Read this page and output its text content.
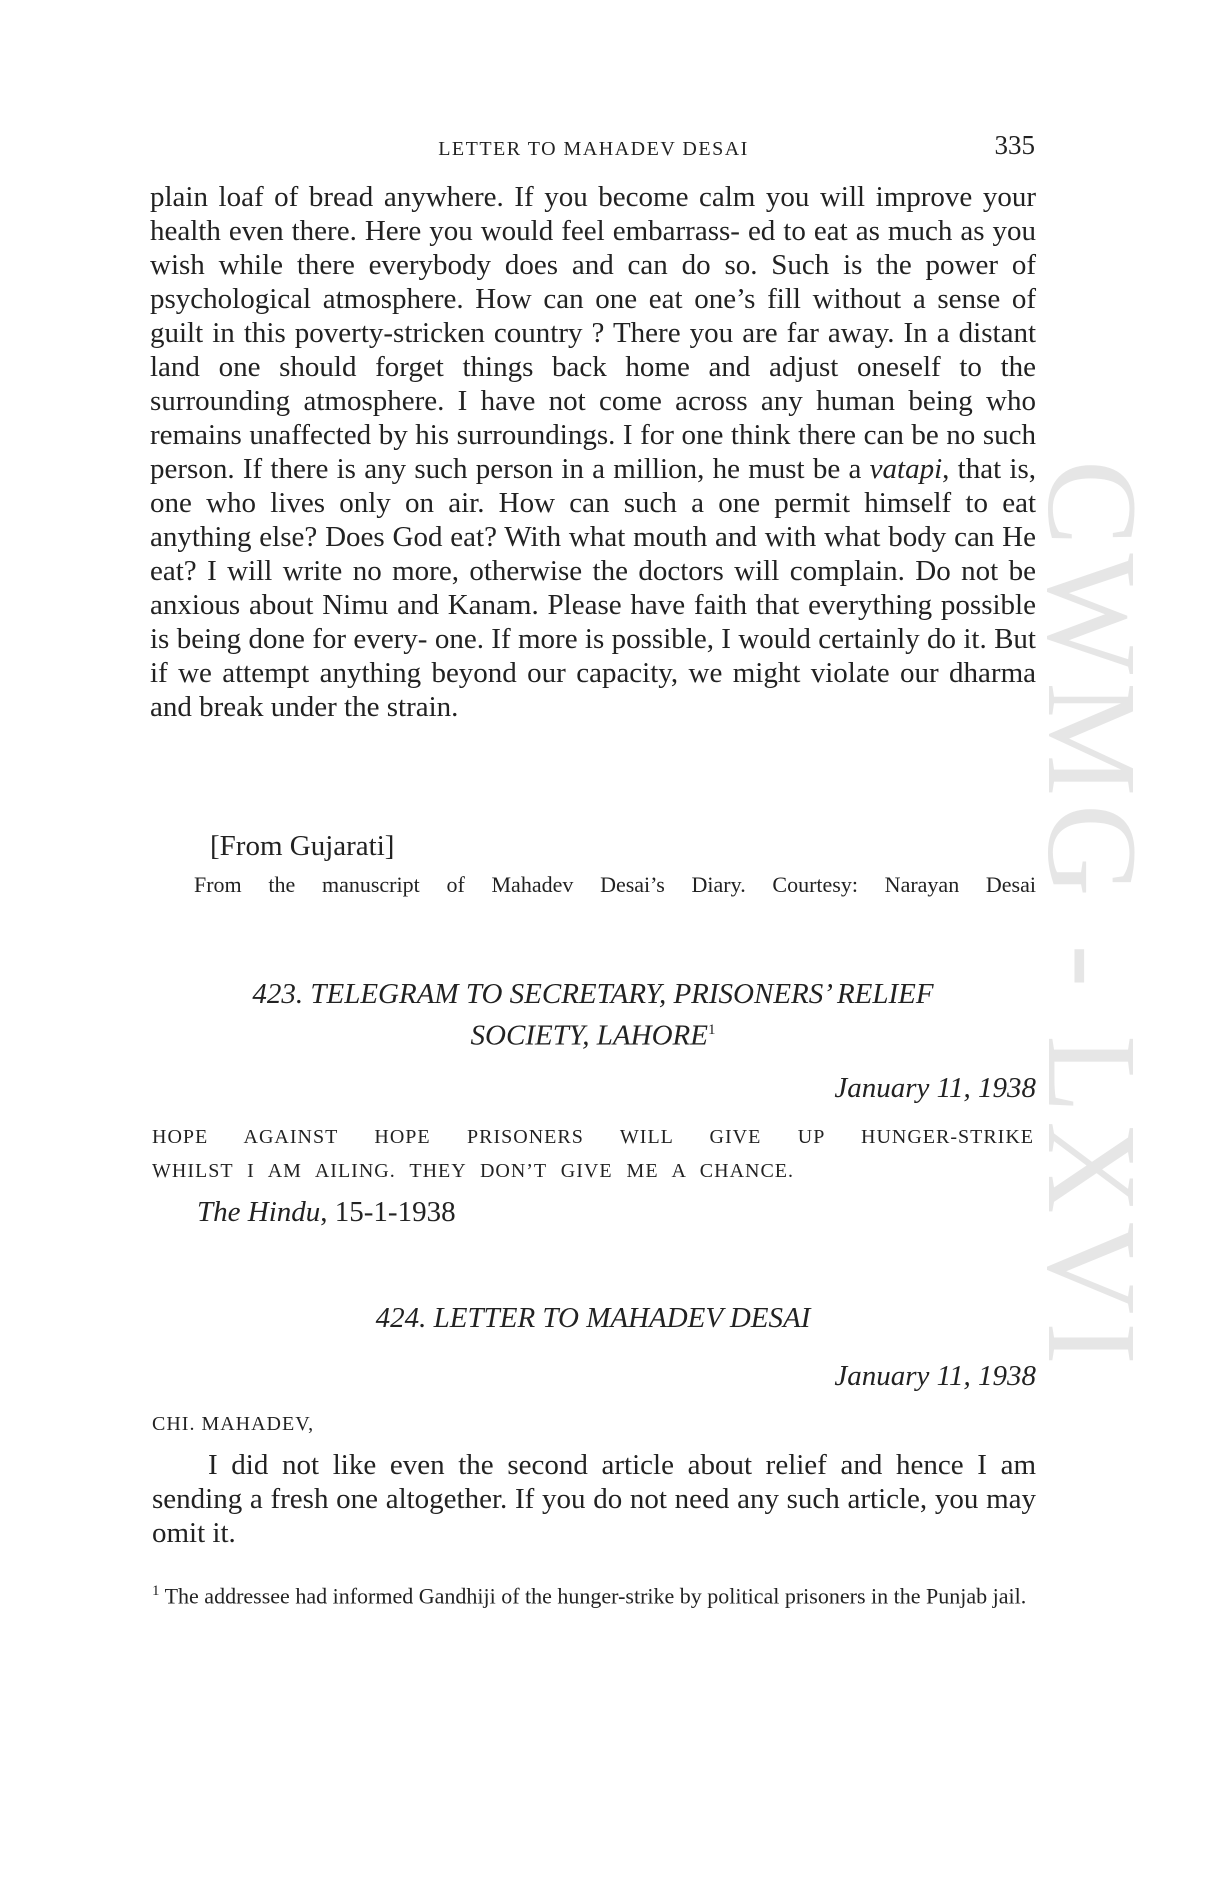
LETTER TO MAHADEV DESAI	335
CWMG - LXVI

plain loaf of bread anywhere. If you become calm you will improve your health even there. Here you would feel embarrass- ed to eat as much as you wish while there everybody does and can do so. Such is the power of psychological atmosphere. How can one eat one’s fill without a sense of guilt in this poverty-stricken country ? There you are far away. In a distant land one should forget things back home and adjust oneself to the surrounding atmosphere. I have not come across any human being who remains unaffected by his surroundings. I for one think there can be no such person. If there is any such person in a million, he must be a vatapi, that is, one who lives only on air. How can such a one permit himself to eat anything else? Does God eat? With what mouth and with what body can He eat? I will write no more, otherwise the doctors will complain. Do not be anxious about Nimu and Kanam. Please have faith that everything possible is being done for every- one. If more is possible, I would certainly do it. But if we attempt anything beyond our capacity, we might violate our dharma and break under the strain.

[From Gujarati]
From the manuscript of Mahadev Desai’s Diary. Courtesy: Narayan Desai
423. TELEGRAM TO SECRETARY, PRISONERS’ RELIEF
SOCIETY, LAHORE$^1$
January 11, 1938
HOPE AGAINST HOPE PRISONERS WILL GIVE UP HUNGER-STRIKE
WHILST I AM AILING. THEY DON’T GIVE ME A CHANCE.
The Hindu, 15-1-1938
424. LETTER TO MAHADEV DESAI
January 11, 1938
CHI. MAHADEV,

I did not like even the second article about relief and hence I am sending a fresh one altogether. If you do not need any such article, you may omit it.

$^1$ The addressee had informed Gandhiji of the hunger-strike by political prisoners in the Punjab jail.
